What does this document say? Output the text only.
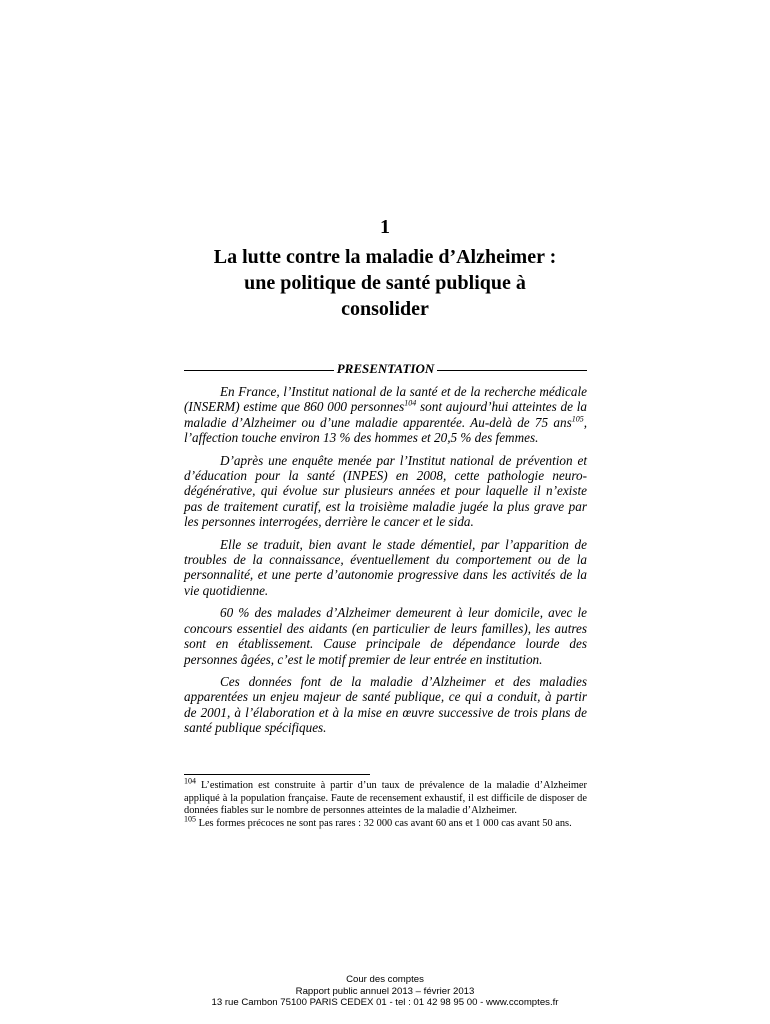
1
La lutte contre la maladie d’Alzheimer :
une politique de santé publique à
consolider
PRESENTATION

En France, l’Institut national de la santé et de la recherche médicale (INSERM) estime que 860 000 personnes$^{104}$ sont aujourd’hui atteintes de la maladie d’Alzheimer ou d’une maladie apparentée. Au-delà de 75 ans$^{105}$, l’affection touche environ 13 % des hommes et 20,5 % des femmes.

D’après une enquête menée par l’Institut national de prévention et d’éducation pour la santé (INPES) en 2008, cette pathologie neuro-dégénérative, qui évolue sur plusieurs années et pour laquelle il n’existe pas de traitement curatif, est la troisième maladie jugée la plus grave par les personnes interrogées, derrière le cancer et le sida.

Elle se traduit, bien avant le stade démentiel, par l’apparition de troubles de la connaissance, éventuellement du comportement ou de la personnalité, et une perte d’autonomie progressive dans les activités de la vie quotidienne.

60 % des malades d’Alzheimer demeurent à leur domicile, avec le concours essentiel des aidants (en particulier de leurs familles), les autres sont en établissement. Cause principale de dépendance lourde des personnes âgées, c’est le motif premier de leur entrée en institution.

Ces données font de la maladie d’Alzheimer et des maladies apparentées un enjeu majeur de santé publique, ce qui a conduit, à partir de 2001, à l’élaboration et à la mise en œuvre successive de trois plans de santé publique spécifiques.

$^{104}$ L’estimation est construite à partir d’un taux de prévalence de la maladie d’Alzheimer appliqué à la population française. Faute de recensement exhaustif, il est difficile de disposer de données fiables sur le nombre de personnes atteintes de la maladie d’Alzheimer.

$^{105}$ Les formes précoces ne sont pas rares : 32 000 cas avant 60 ans et 1 000 cas avant 50 ans.

Cour des comptes
Rapport public annuel 2013 – février 2013
13 rue Cambon 75100 PARIS CEDEX 01 - tel : 01 42 98 95 00 - www.ccomptes.fr
